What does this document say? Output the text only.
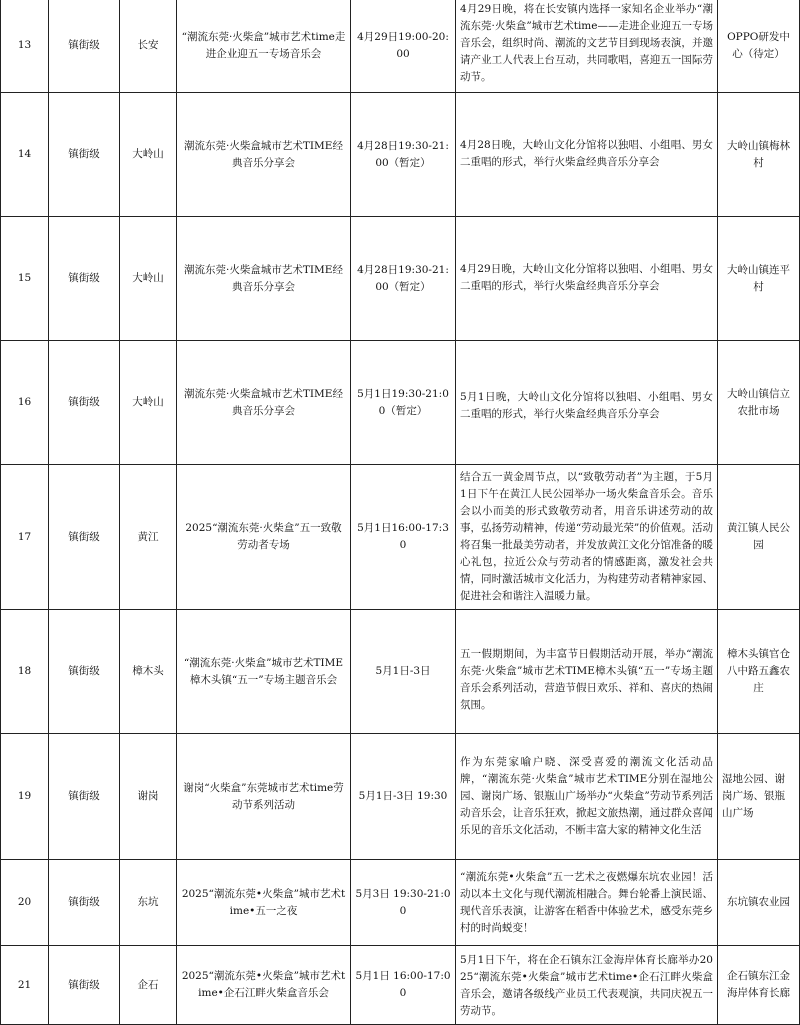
13	镇街级	长安	“潮流东莞·火柴盒”城市艺术time走进企业迎五一专场音乐会	4月29日19:00-20:00	4月29日晚，将在长安镇内选择一家知名企业举办“潮流东莞·火柴盒”城市艺术time——走进企业迎五一专场音乐会，组织时尚、潮流的文艺节目到现场表演，并邀请产业工人代表上台互动，共同歌唱，喜迎五一国际劳动节。	OPPO研发中心（待定）
14	镇街级	大岭山	潮流东莞·火柴盒城市艺术TIME经典音乐分享会	4月28日19:30-21:00（暂定）	4月28日晚，大岭山文化分馆将以独唱、小组唱、男女二重唱的形式，举行火柴盒经典音乐分享会	大岭山镇梅林村
15	镇街级	大岭山	潮流东莞·火柴盒城市艺术TIME经典音乐分享会	4月28日19:30-21:00（暂定）	4月29日晚，大岭山文化分馆将以独唱、小组唱、男女二重唱的形式，举行火柴盒经典音乐分享会	大岭山镇连平村
16	镇街级	大岭山	潮流东莞·火柴盒城市艺术TIME经典音乐分享会	5月1日19:30-21:00（暂定）	5月1日晚，大岭山文化分馆将以独唱、小组唱、男女二重唱的形式，举行火柴盒经典音乐分享会	大岭山镇信立农批市场
17	镇街级	黄江	2025“潮流东莞·火柴盒”五一致敬劳动者专场	5月1日16:00-17:30	结合五一黄金周节点，以“致敬劳动者”为主题，于5月1日下午在黄江人民公园举办一场火柴盒音乐会。音乐会以小而美的形式致敬劳动者，用音乐讲述劳动的故事，弘扬劳动精神，传递“劳动最光荣”的价值观。活动将召集一批最美劳动者，并发放黄江文化分馆准备的暖心礼包，拉近公众与劳动者的情感距离，激发社会共情，同时激活城市文化活力，为构建劳动者精神家园、促进社会和谐注入温暖力量。	黄江镇人民公园
18	镇街级	樟木头	“潮流东莞·火柴盒”城市艺术TIME樟木头镇“五一”专场主题音乐会	5月1日-3日	五一假期期间，为丰富节日假期活动开展，举办“潮流东莞·火柴盒”城市艺术TIME樟木头镇“五一”专场主题音乐会系列活动，营造节假日欢乐、祥和、喜庆的热闹氛围。	樟木头镇官仓八中路五鑫农庄
19	镇街级	谢岗	谢岗“火柴盒”东莞城市艺术time劳动节系列活动	5月1日-3日 19:30	作为东莞家喻户晓、深受喜爱的潮流文化活动品牌，“潮流东莞·火柴盒”城市艺术TIME分别在湿地公园、谢岗广场、银瓶山广场举办“火柴盒”劳动节系列活动音乐会，让音乐狂欢，掀起文旅热潮，通过群众喜闻乐见的音乐文化活动，不断丰富大家的精神文化生活	湿地公园、谢岗广场、银瓶山广场
20	镇街级	东坑	2025“潮流东莞•火柴盒”城市艺术time•五一之夜	5月3日 19:30-21:00	“潮流东莞•火柴盒”五一艺术之夜燃爆东坑农业园！活动以本土文化与现代潮流相融合。舞台轮番上演民谣、现代音乐表演，让游客在稻香中体验艺术，感受东莞乡村的时尚蜕变！	东坑镇农业园
21	镇街级	企石	2025“潮流东莞•火柴盒”城市艺术time•企石江畔火柴盒音乐会	5月1日 16:00-17:00	5月1日下午，将在企石镇东江金海岸体育长廊举办2025“潮流东莞•火柴盒”城市艺术time•企石江畔火柴盒音乐会，邀请各级线产业员工代表观演，共同庆祝五一劳动节。	企石镇东江金海岸体育长廊
